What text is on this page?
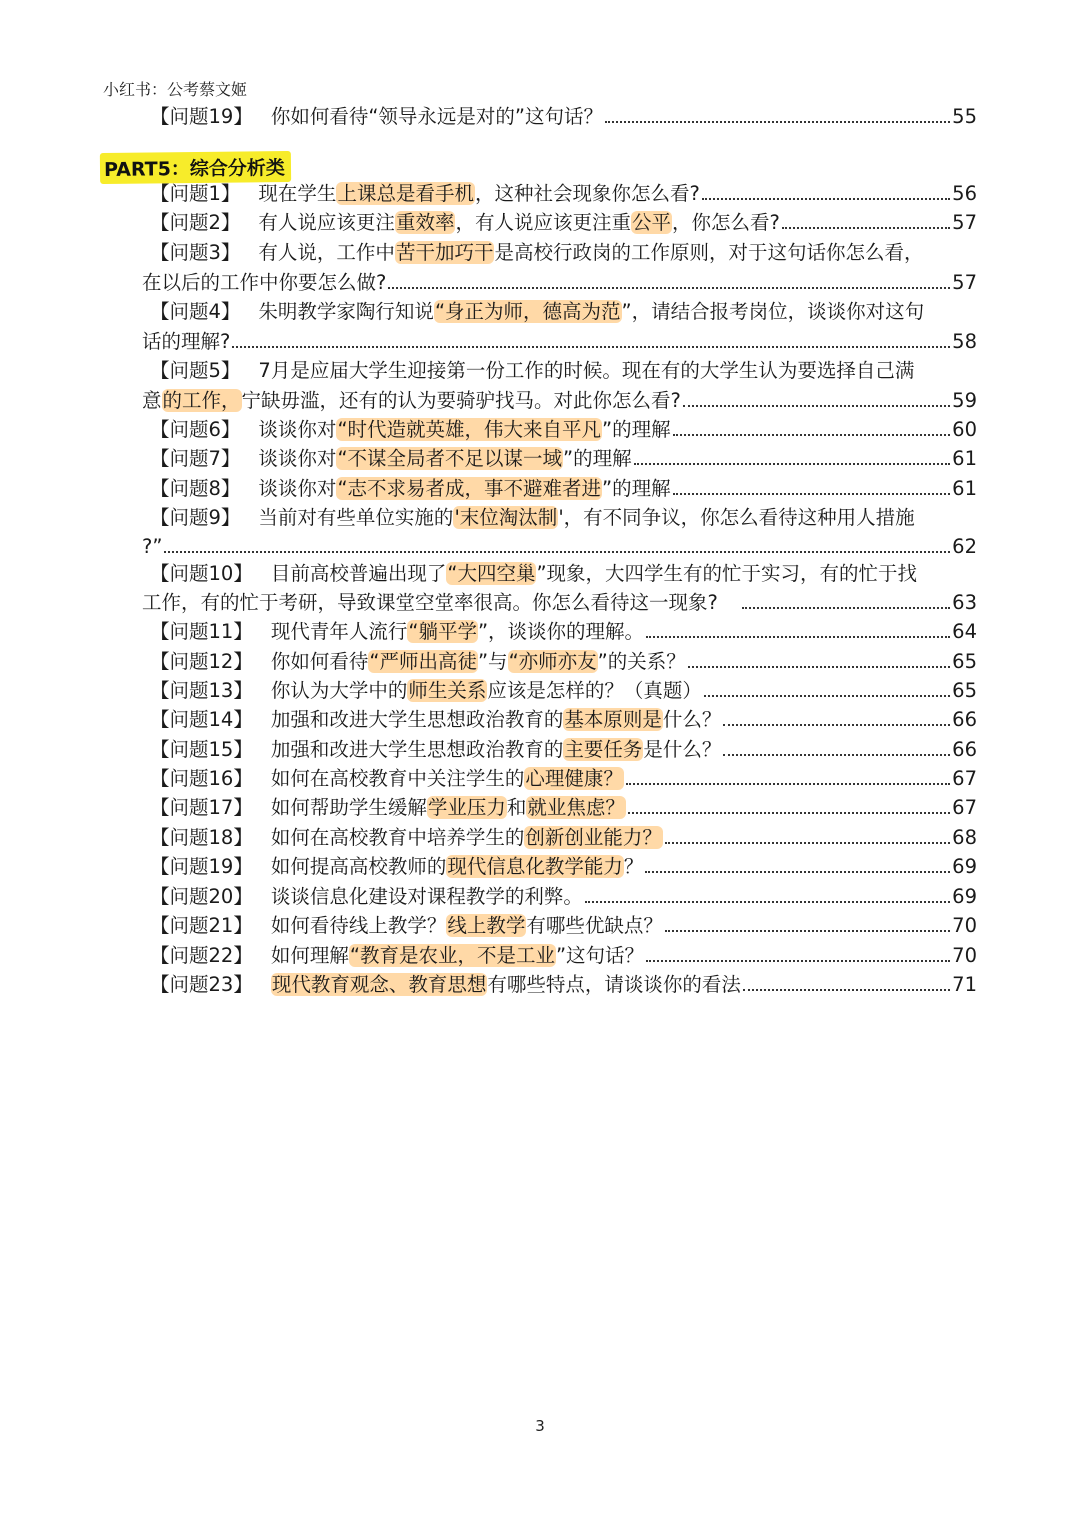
小红书：公考蔡文姬
【问题19】 你如何看待“领导永远是对的”这句话？	55
PART5：综合分析类
【问题1】 现在学生上课总是看手机，这种社会现象你怎么看?	56
【问题2】 有人说应该更注重效率，有人说应该更注重公平，你怎么看?	57
【问题3】 有人说，工作中苦干加巧干是高校行政岗的工作原则，对于这句话你怎么看，
在以后的工作中你要怎么做?	57
【问题4】 朱明教学家陶行知说“身正为师，德高为范”，请结合报考岗位，谈谈你对这句
话的理解?	58
【问题5】 7月是应届大学生迎接第一份工作的时候。现在有的大学生认为要选择自己满
意的工作，宁缺毋滥，还有的认为要骑驴找马。对此你怎么看?	59
【问题6】 谈谈你对“时代造就英雄，伟大来自平凡”的理解	60
【问题7】 谈谈你对“不谋全局者不足以谋一域”的理解	61
【问题8】 谈谈你对“志不求易者成，事不避难者进”的理解	61
【问题9】 当前对有些单位实施的'末位淘汰制'，有不同争议，你怎么看待这种用人措施
?”	62
【问题10】 目前高校普遍出现了“大四空巢”现象，大四学生有的忙于实习，有的忙于找
工作，有的忙于考研，导致课堂空堂率很高。你怎么看待这一现象?	63
【问题11】 现代青年人流行“躺平学”，谈谈你的理解。	64
【问题12】 你如何看待“严师出高徒”与“亦师亦友”的关系？	65
【问题13】 你认为大学中的师生关系应该是怎样的？（真题）	65
【问题14】 加强和改进大学生思想政治教育的基本原则是什么？	66
【问题15】 加强和改进大学生思想政治教育的主要任务是什么？	66
【问题16】 如何在高校教育中关注学生的心理健康？	67
【问题17】 如何帮助学生缓解学业压力和就业焦虑？	67
【问题18】 如何在高校教育中培养学生的创新创业能力？	68
【问题19】 如何提高高校教师的现代信息化教学能力？	69
【问题20】 谈谈信息化建设对课程教学的利弊。	69
【问题21】 如何看待线上教学？线上教学有哪些优缺点？	70
【问题22】 如何理解“教育是农业，不是工业”这句话？	70
【问题23】 现代教育观念、教育思想有哪些特点，请谈谈你的看法	71
3
